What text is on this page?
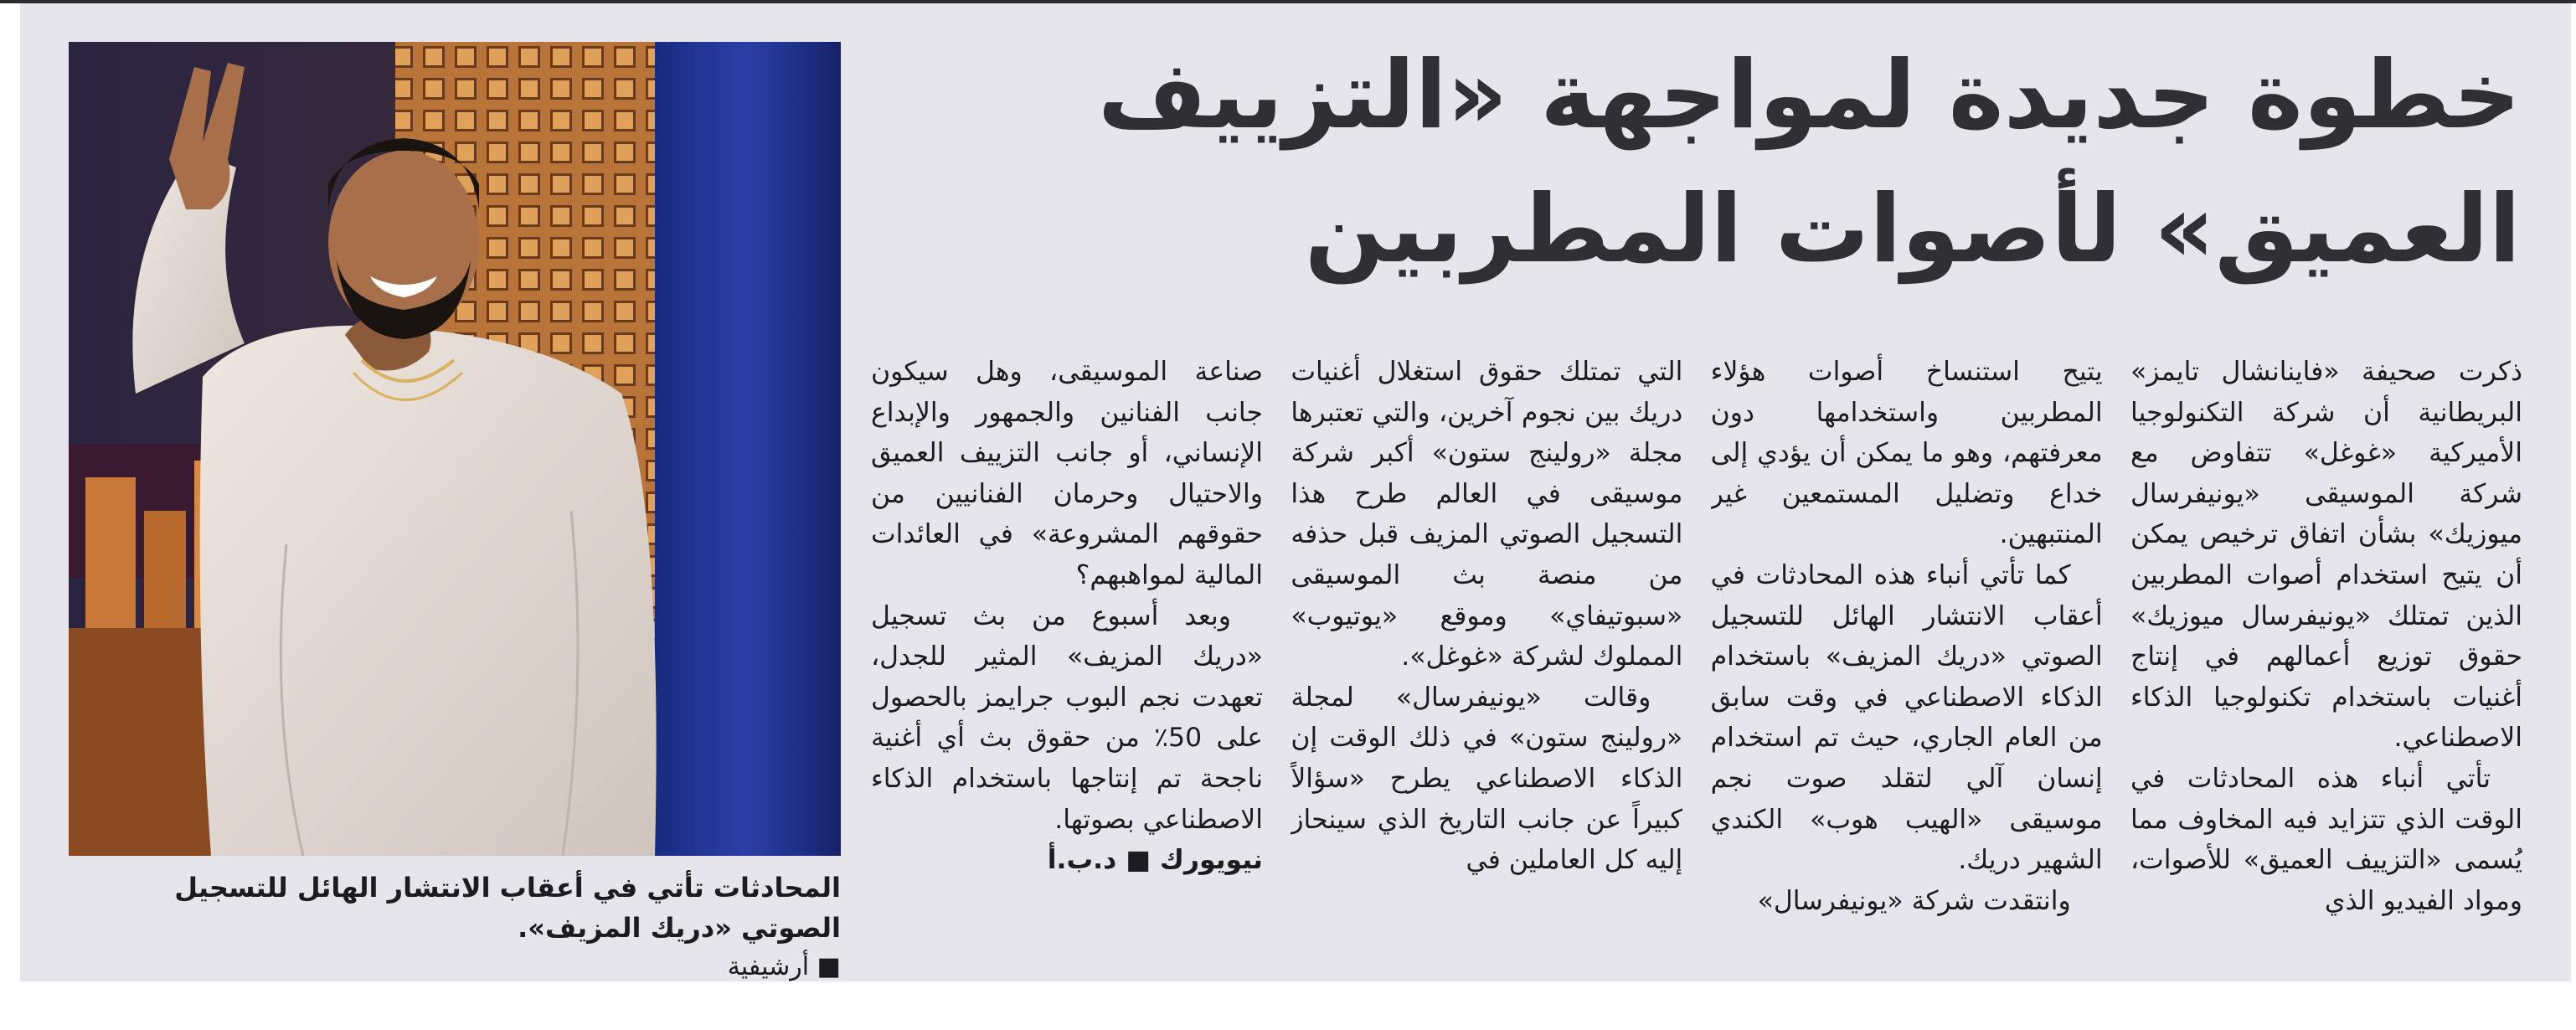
خطوة جديدة لمواجهة «التزييف العميق» لأصوات المطربين

ذكرت صحيفة «فاينانشال تايمز» البريطانية أن شركة التكنولوجيا الأميركية «غوغل» تتفاوض مع شركة الموسيقى «يونيفرسال ميوزيك» بشأن اتفاق ترخيص يمكن أن يتيح استخدام أصوات المطربين الذين تمتلك «يونيفرسال ميوزيك» حقوق توزيع أعمالهم في إنتاج أغنيات باستخدام تكنولوجيا الذكاء الاصطناعي.

تأتي أنباء هذه المحادثات في الوقت الذي تتزايد فيه المخاوف مما يُسمى «التزييف العميق» للأصوات، ومواد الفيديو الذي

يتيح استنساخ أصوات هؤلاء المطربين واستخدامها دون معرفتهم، وهو ما يمكن أن يؤدي إلى خداع وتضليل المستمعين غير المنتبهين.

كما تأتي أنباء هذه المحادثات في أعقاب الانتشار الهائل للتسجيل الصوتي «دريك المزيف» باستخدام الذكاء الاصطناعي في وقت سابق من العام الجاري، حيث تم استخدام إنسان آلي لتقلد صوت نجم موسيقى «الهيب هوب» الكندي الشهير دريك.

وانتقدت شركة «يونيفرسال»

التي تمتلك حقوق استغلال أغنيات دريك بين نجوم آخرين، والتي تعتبرها مجلة «رولينج ستون» أكبر شركة موسيقى في العالم طرح هذا التسجيل الصوتي المزيف قبل حذفه من منصة بث الموسيقى «سبوتيفاي» وموقع «يوتيوب» المملوك لشركة «غوغل».

وقالت «يونيفرسال» لمجلة «رولينج ستون» في ذلك الوقت إن الذكاء الاصطناعي يطرح «سؤالاً كبيراً عن جانب التاريخ الذي سينحاز إليه كل العاملين في

صناعة الموسيقى، وهل سيكون جانب الفنانين والجمهور والإبداع الإنساني، أو جانب التزييف العميق والاحتيال وحرمان الفنانيين من حقوقهم المشروعة» في العائدات المالية لمواهبهم؟

وبعد أسبوع من بث تسجيل «دريك المزيف» المثير للجدل، تعهدت نجم البوب جرايمز بالحصول على 50٪ من حقوق بث أي أغنية ناجحة تم إنتاجها باستخدام الذكاء الاصطناعي بصوتها.

نيويورك ■ د.ب.أ

المحادثات تأتي في أعقاب الانتشار الهائل للتسجيل الصوتي «دريك المزيف».
■ أرشيفية
